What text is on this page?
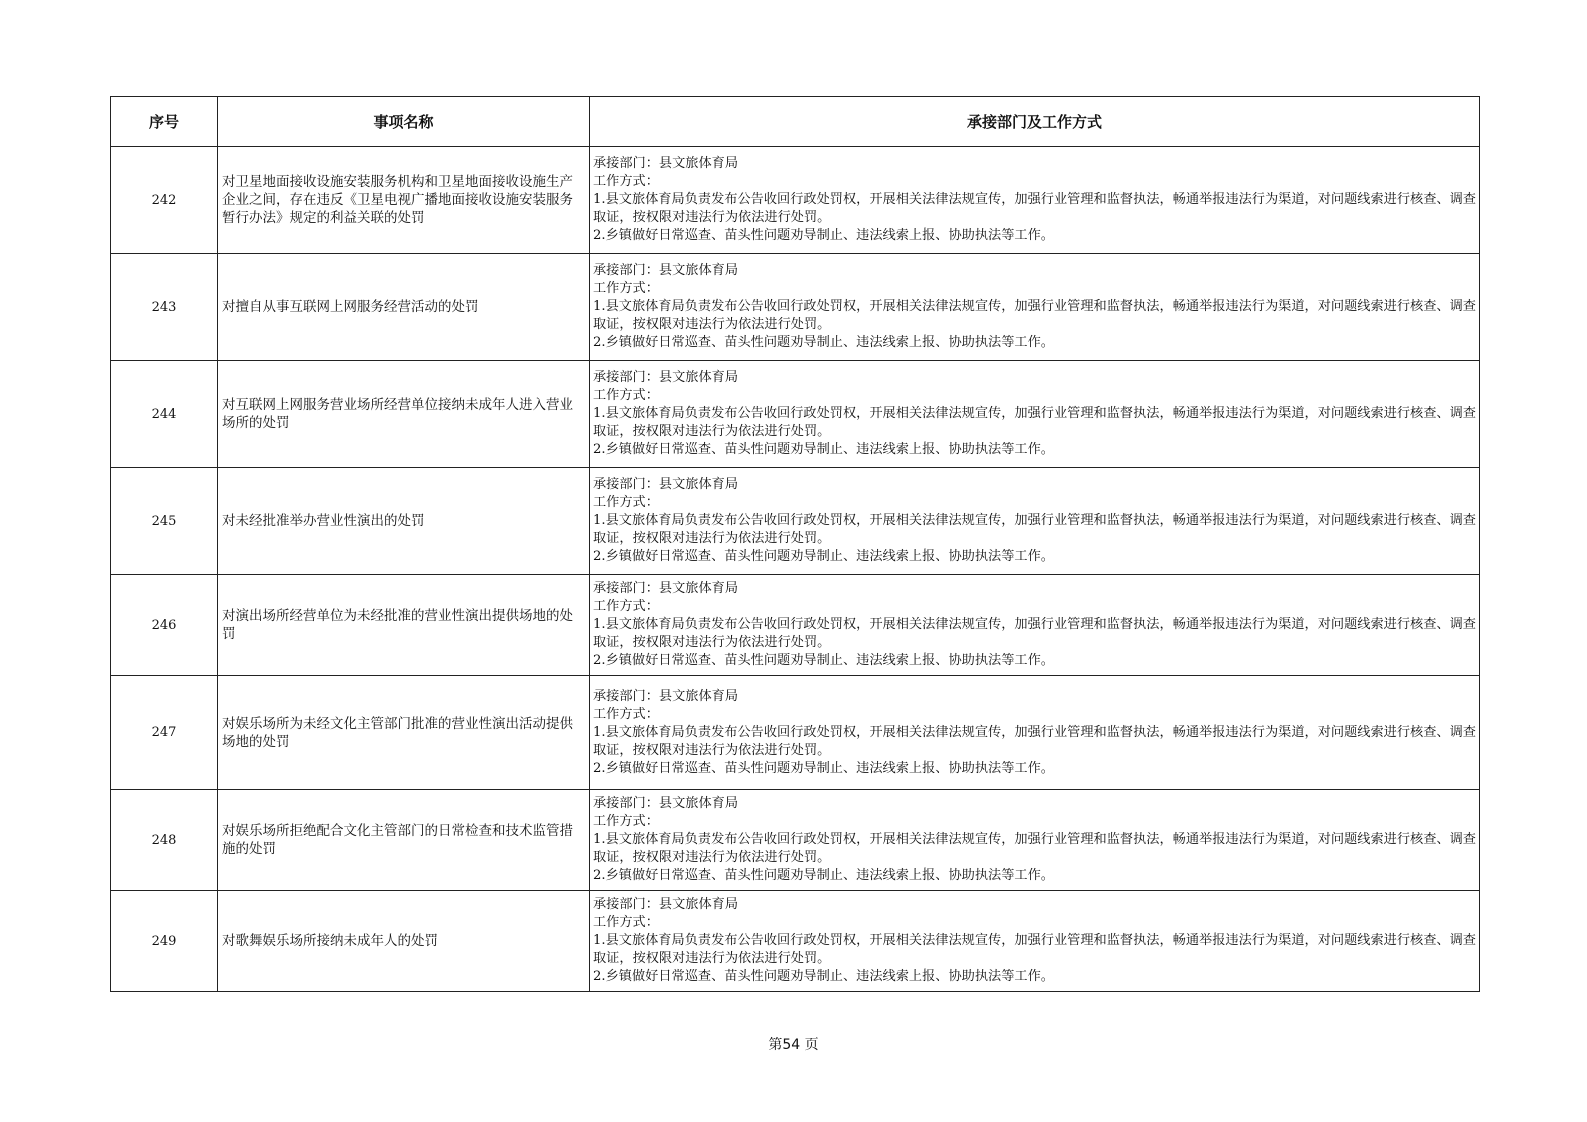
序号	事项名称	承接部门及工作方式
242	对卫星地面接收设施安装服务机构和卫星地面接收设施生产企业之间，存在违反《卫星电视广播地面接收设施安装服务暂行办法》规定的利益关联的处罚	承接部门：县文旅体育局
工作方式：
1.县文旅体育局负责发布公告收回行政处罚权，开展相关法律法规宣传，加强行业管理和监督执法，畅通举报违法行为渠道，对问题线索进行核查、调查取证，按权限对违法行为依法进行处罚。
2.乡镇做好日常巡查、苗头性问题劝导制止、违法线索上报、协助执法等工作。

243	对擅自从事互联网上网服务经营活动的处罚	承接部门：县文旅体育局
工作方式：
1.县文旅体育局负责发布公告收回行政处罚权，开展相关法律法规宣传，加强行业管理和监督执法，畅通举报违法行为渠道，对问题线索进行核查、调查取证，按权限对违法行为依法进行处罚。
2.乡镇做好日常巡查、苗头性问题劝导制止、违法线索上报、协助执法等工作。

244	对互联网上网服务营业场所经营单位接纳未成年人进入营业场所的处罚	承接部门：县文旅体育局
工作方式：
1.县文旅体育局负责发布公告收回行政处罚权，开展相关法律法规宣传，加强行业管理和监督执法，畅通举报违法行为渠道，对问题线索进行核查、调查取证，按权限对违法行为依法进行处罚。
2.乡镇做好日常巡查、苗头性问题劝导制止、违法线索上报、协助执法等工作。

245	对未经批准举办营业性演出的处罚	承接部门：县文旅体育局
工作方式：
1.县文旅体育局负责发布公告收回行政处罚权，开展相关法律法规宣传，加强行业管理和监督执法，畅通举报违法行为渠道，对问题线索进行核查、调查取证，按权限对违法行为依法进行处罚。
2.乡镇做好日常巡查、苗头性问题劝导制止、违法线索上报、协助执法等工作。

246	对演出场所经营单位为未经批准的营业性演出提供场地的处罚	承接部门：县文旅体育局
工作方式：
1.县文旅体育局负责发布公告收回行政处罚权，开展相关法律法规宣传，加强行业管理和监督执法，畅通举报违法行为渠道，对问题线索进行核查、调查取证，按权限对违法行为依法进行处罚。
2.乡镇做好日常巡查、苗头性问题劝导制止、违法线索上报、协助执法等工作。

247	对娱乐场所为未经文化主管部门批准的营业性演出活动提供场地的处罚	承接部门：县文旅体育局
工作方式：
1.县文旅体育局负责发布公告收回行政处罚权，开展相关法律法规宣传，加强行业管理和监督执法，畅通举报违法行为渠道，对问题线索进行核查、调查取证，按权限对违法行为依法进行处罚。
2.乡镇做好日常巡查、苗头性问题劝导制止、违法线索上报、协助执法等工作。

248	对娱乐场所拒绝配合文化主管部门的日常检查和技术监管措施的处罚	承接部门：县文旅体育局
工作方式：
1.县文旅体育局负责发布公告收回行政处罚权，开展相关法律法规宣传，加强行业管理和监督执法，畅通举报违法行为渠道，对问题线索进行核查、调查取证，按权限对违法行为依法进行处罚。
2.乡镇做好日常巡查、苗头性问题劝导制止、违法线索上报、协助执法等工作。

249	对歌舞娱乐场所接纳未成年人的处罚	承接部门：县文旅体育局
工作方式：
1.县文旅体育局负责发布公告收回行政处罚权，开展相关法律法规宣传，加强行业管理和监督执法，畅通举报违法行为渠道，对问题线索进行核查、调查取证，按权限对违法行为依法进行处罚。
2.乡镇做好日常巡查、苗头性问题劝导制止、违法线索上报、协助执法等工作。
第54 页
